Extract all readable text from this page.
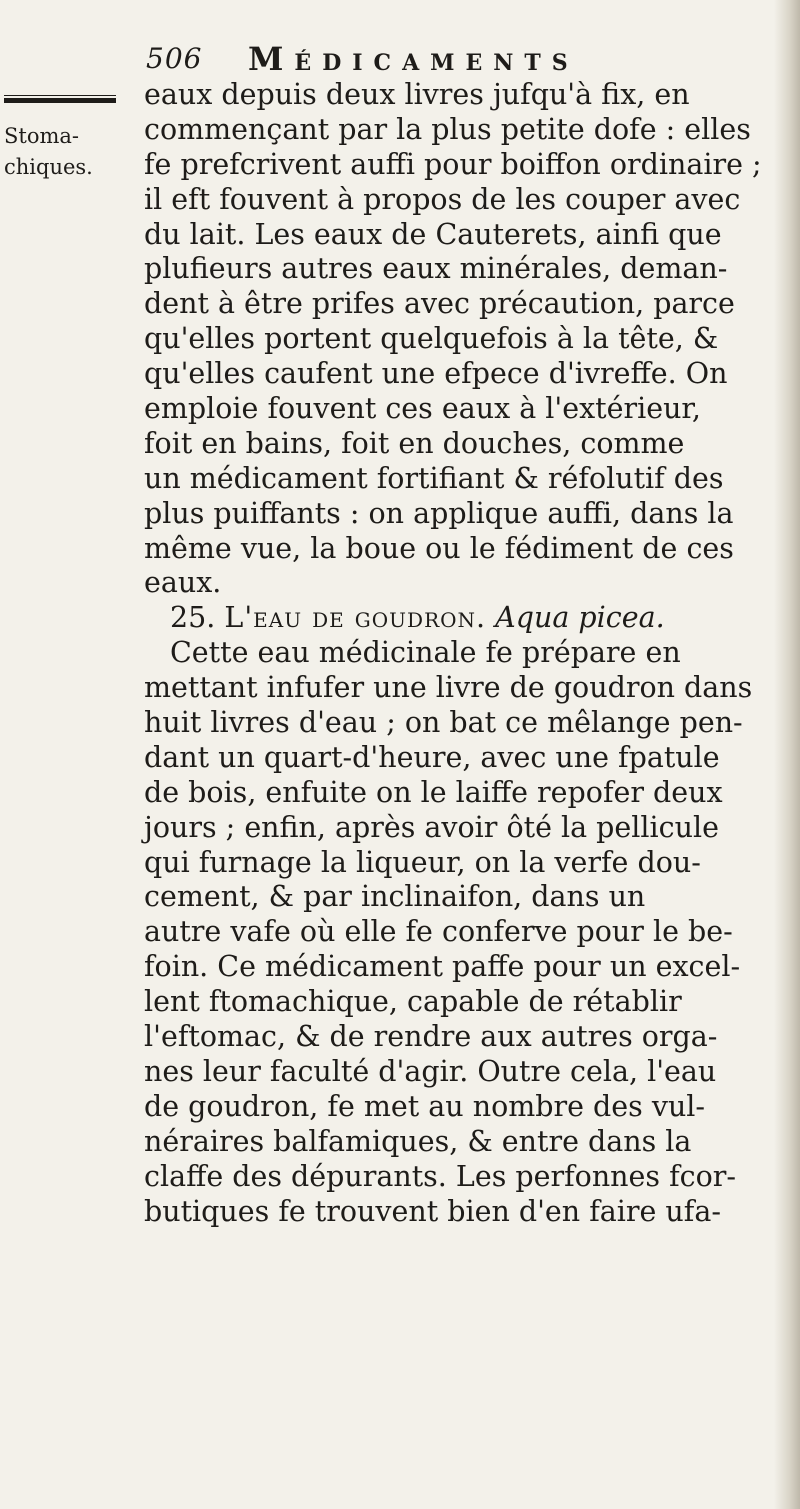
506 Médicaments
Stoma-
chiques.
eaux depuis deux livres jufqu'à fix, en
commençant par la plus petite dofe : elles
fe prefcrivent auffi pour boiffon ordinaire ;
il eft fouvent à propos de les couper avec
du lait. Les eaux de Cauterets, ainfi que
plufieurs autres eaux minérales, deman-
dent à être prifes avec précaution, parce
qu'elles portent quelquefois à la tête, &
qu'elles caufent une efpece d'ivreffe. On
emploie fouvent ces eaux à l'extérieur,
foit en bains, foit en douches, comme
un médicament fortifiant & réfolutif des
plus puiffants : on applique auffi, dans la
même vue, la boue ou le fédiment de ces
eaux.
25. L'eau de goudron. Aqua picea.
Cette eau médicinale fe prépare en
mettant infufer une livre de goudron dans
huit livres d'eau ; on bat ce mêlange pen-
dant un quart-d'heure, avec une fpatule
de bois, enfuite on le laiffe repofer deux
jours ; enfin, après avoir ôté la pellicule
qui furnage la liqueur, on la verfe dou-
cement, & par inclinaifon, dans un
autre vafe où elle fe conferve pour le be-
foin. Ce médicament paffe pour un excel-
lent ftomachique, capable de rétablir
l'eftomac, & de rendre aux autres orga-
nes leur faculté d'agir. Outre cela, l'eau
de goudron, fe met au nombre des vul-
néraires balfamiques, & entre dans la
claffe des dépurants. Les perfonnes fcor-
butiques fe trouvent bien d'en faire ufa-
